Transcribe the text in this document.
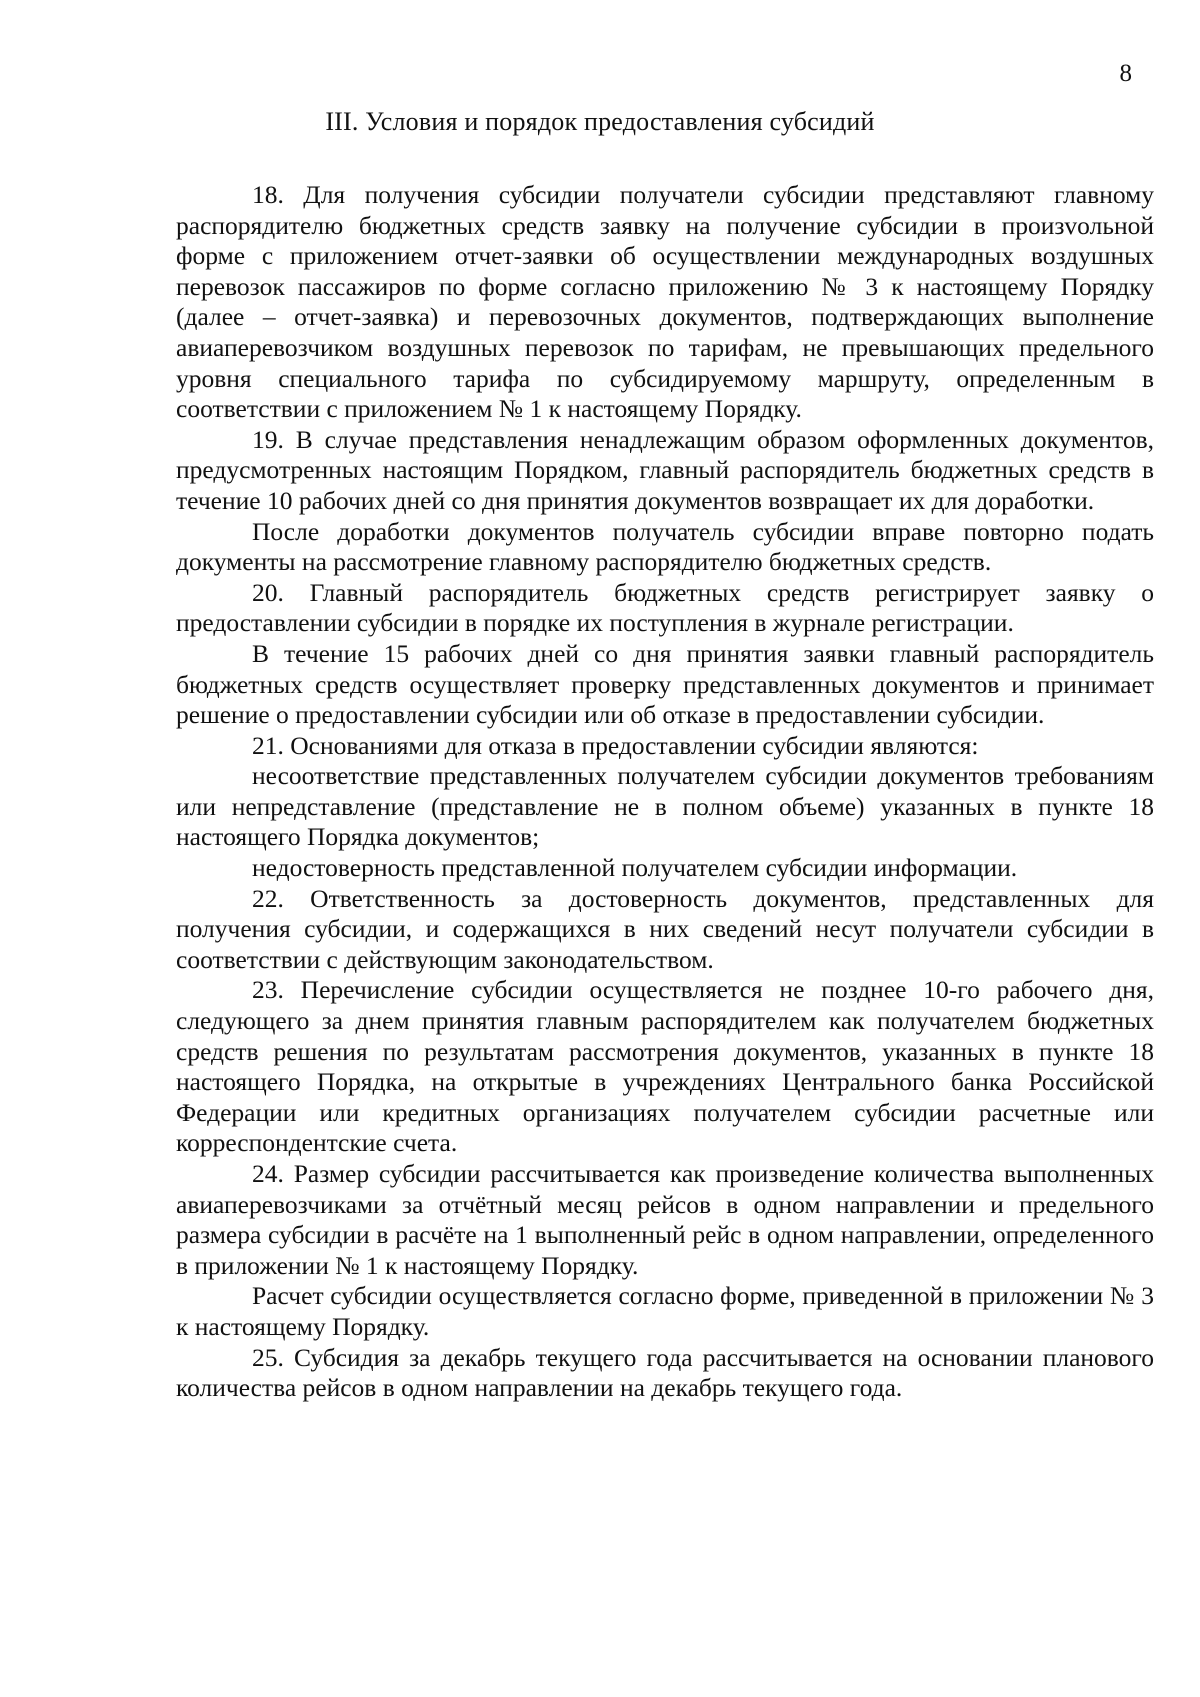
8
III. Условия и порядок предоставления субсидий

18. Для получения субсидии получатели субсидии представляют главному распорядителю бюджетных средств заявку на получение субсидии в произvольной форме с приложением отчет-заявки об осуществлении международных воздушных перевозок пассажиров по форме согласно приложению № 3 к настоящему Порядку (далее – отчет-заявка) и перевозочных документов, подтверждающих выполнение авиаперевозчиком воздушных перевозок по тарифам, не превышающих предельного уровня специального тарифа по субсидируемому маршруту, определенным в соответствии с приложением № 1 к настоящему Порядку.

19. В случае представления ненадлежащим образом оформленных документов, предусмотренных настоящим Порядком, главный распорядитель бюджетных средств в течение 10 рабочих дней со дня принятия документов возвращает их для доработки.

После доработки документов получатель субсидии вправе повторно подать документы на рассмотрение главному распорядителю бюджетных средств.

20. Главный распорядитель бюджетных средств регистрирует заявку о предоставлении субсидии в порядке их поступления в журнале регистрации.

В течение 15 рабочих дней со дня принятия заявки главный распорядитель бюджетных средств осуществляет проверку представленных документов и принимает решение о предоставлении субсидии или об отказе в предоставлении субсидии.

21. Основаниями для отказа в предоставлении субсидии являются:

несоответствие представленных получателем субсидии документов требованиям или непредставление (представление не в полном объеме) указанных в пункте 18 настоящего Порядка документов;

недостоверность представленной получателем субсидии информации.

22. Ответственность за достоверность документов, представленных для получения субсидии, и содержащихся в них сведений несут получатели субсидии в соответствии с действующим законодательством.

23. Перечисление субсидии осуществляется не позднее 10-го рабочего дня, следующего за днем принятия главным распорядителем как получателем бюджетных средств решения по результатам рассмотрения документов, указанных в пункте 18 настоящего Порядка, на открытые в учреждениях Центрального банка Российской Федерации или кредитных организациях получателем субсидии расчетные или корреспондентские счета.

24. Размер субсидии рассчитывается как произведение количества выполненных авиаперевозчиками за отчётный месяц рейсов в одном направлении и предельного размера субсидии в расчёте на 1 выполненный рейс в одном направлении, определенного в приложении № 1 к настоящему Порядку.

Расчет субсидии осуществляется согласно форме, приведенной в приложении № 3 к настоящему Порядку.

25. Субсидия за декабрь текущего года рассчитывается на основании планового количества рейсов в одном направлении на декабрь текущего года.
